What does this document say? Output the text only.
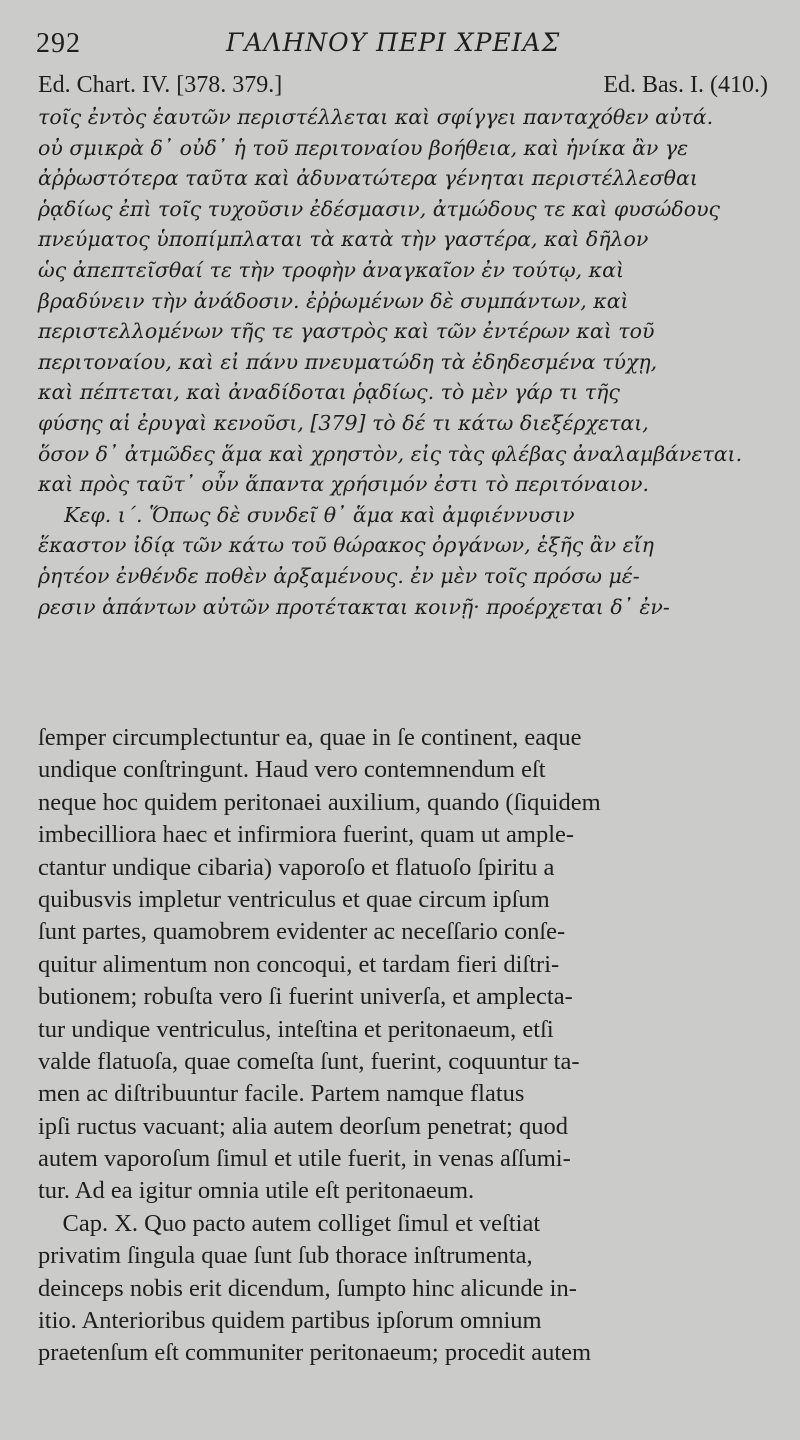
292	ΓΑΛΗΝΟΥ ΠΕΡΙ ΧΡΕΙΑΣ
Ed. Chart. IV. [378. 379.]	Ed. Bas. I. (410.)
τοῖς ἐντὸς ἑαυτῶν περιστέλλεται καὶ σφίγγει πανταχόθεν αὐτά.
οὐ σμικρὰ δ᾽ οὐδ᾽ ἡ τοῦ περιτοναίου βοήθεια, καὶ ἡνίκα ἂν γε
ἀῤῥωστότερα ταῦτα καὶ ἀδυνατώτερα γένηται περιστέλλεσθαι
ῥᾳδίως ἐπὶ τοῖς τυχοῦσιν ἐδέσμασιν, ἀτμώδους τε καὶ φυσώδους
πνεύματος ὑποπίμπλαται τὰ κατὰ τὴν γαστέρα, καὶ δῆλον
ὡς ἀπεπτεῖσθαί τε τὴν τροφὴν ἀναγκαῖον ἐν τούτῳ, καὶ
βραδύνειν τὴν ἀνάδοσιν. ἐῤῥωμένων δὲ συμπάντων, καὶ
περιστελλομένων τῆς τε γαστρὸς καὶ τῶν ἐντέρων καὶ τοῦ
περιτοναίου, καὶ εἰ πάνυ πνευματώδη τὰ ἐδηδεσμένα τύχῃ,
καὶ πέπτεται, καὶ ἀναδίδοται ῥᾳδίως. τὸ μὲν γάρ τι τῆς
φύσης αἱ ἐρυγαὶ κενοῦσι, [379] τὸ δέ τι κάτω διεξέρχεται,
ὅσον δ᾽ ἀτμῶδες ἅμα καὶ χρηστὸν, εἰς τὰς φλέβας ἀναλαμβάνεται.
καὶ πρὸς ταῦτ᾽ οὖν ἅπαντα χρήσιμόν ἐστι τὸ περιτόναιον.
Κεφ. ι΄. Ὅπως δὲ συνδεῖ θ᾽ ἅμα καὶ ἀμφιέννυσιν
ἕκαστον ἰδίᾳ τῶν κάτω τοῦ θώρακος ὀργάνων, ἑξῆς ἂν εἴη
ῥητέον ἐνθένδε ποθὲν ἀρξαμένους. ἐν μὲν τοῖς πρόσω μέ-
ρεσιν ἁπάντων αὐτῶν προτέτακται κοινῇ· προέρχεται δ᾽ ἐν-
ſemper circumplectuntur ea, quae in ſe continent, eaque
undique conſtringunt. Haud vero contemnendum eſt
neque hoc quidem peritonaei auxilium, quando (ſiquidem
imbecilliora haec et infirmiora fuerint, quam ut ample-
ctantur undique cibaria) vaporoſo et flatuoſo ſpiritu a
quibusvis impletur ventriculus et quae circum ipſum
ſunt partes, quamobrem evidenter ac neceſſario conſe-
quitur alimentum non concoqui, et tardam fieri diſtri-
butionem; robuſta vero ſi fuerint univerſa, et amplecta-
tur undique ventriculus, inteſtina et peritonaeum, etſi
valde flatuoſa, quae comeſta ſunt, fuerint, coquuntur ta-
men ac diſtribuuntur facile. Partem namque flatus
ipſi ructus vacuant; alia autem deorſum penetrat; quod
autem vaporoſum ſimul et utile fuerit, in venas aſſumi-
tur. Ad ea igitur omnia utile eſt peritonaeum.
Cap. X. Quo pacto autem colliget ſimul et veſtiat
privatim ſingula quae ſunt ſub thorace inſtrumenta,
deinceps nobis erit dicendum, ſumpto hinc alicunde in-
itio. Anterioribus quidem partibus ipſorum omnium
praetenſum eſt communiter peritonaeum; procedit autem
